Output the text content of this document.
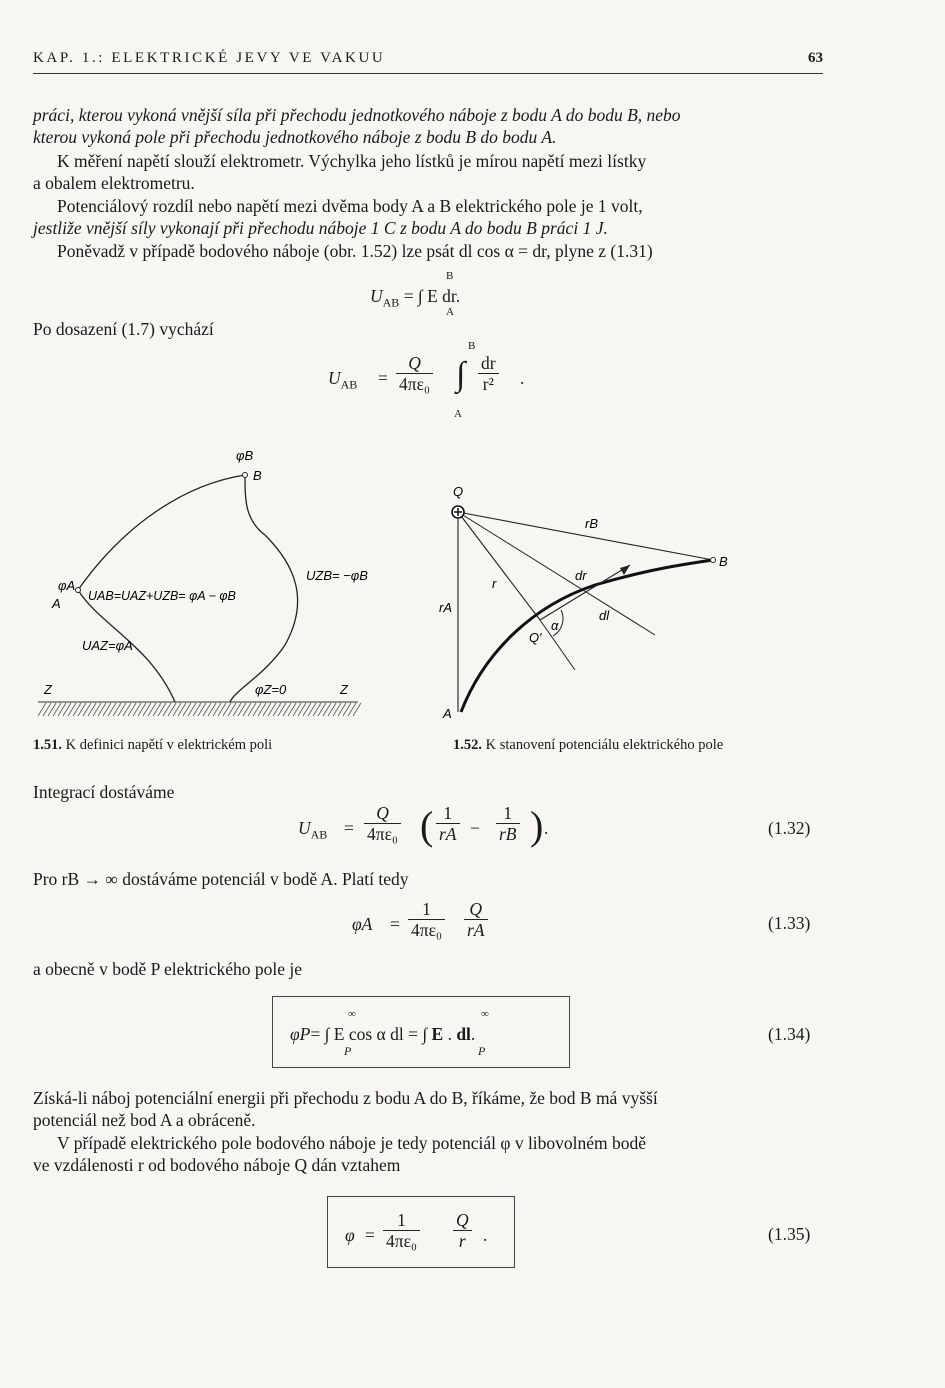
KAP. 1.: ELEKTRICKÉ JEVY VE VAKUU	63
práci, kterou vykoná vnější síla při přechodu jednotkového náboje z bodu A do bodu B, nebo
kterou vykoná pole při přechodu jednotkového náboje z bodu B do bodu A.
K měření napětí slouží elektrometr. Výchylka jeho lístků je mírou napětí mezi lístky
a obalem elektrometru.
Potenciálový rozdíl nebo napětí mezi dvěma body A a B elektrického pole je 1 volt,
jestliže vnější síly vykonají při přechodu náboje 1 C z bodu A do bodu B práci 1 J.
Poněvadž v případě bodového náboje (obr. 1.52) lze psát dl cos α = dr, plyne z (1.31)
B
$U_{AB}$ = ∫ E dr.
A
Po dosazení (1.7) vychází
B
$U_{AB} = \frac{Q}{\text{4πε₀}}$ ∫ $\frac{dr}{\text{r²}}$ .
A
φB
B
φA
A UAB=UAZ+UZB= φA − φB
UZB= −φB
UAZ=φA
Z	φZ=0	Z
1.51. K definici napětí v elektrickém poli
Q
rB
B
dr
r
rA
α
dl
Q′
A
1.52. K stanovení potenciálu elektrického pole
Integrací dostáváme
$U_{AB} = \frac{Q}{\text{4πε₀}}$ ( $\frac{1}{rA} - \frac{1}{rB}$ ) .	(1.32)
Pro rB → ∞ dostáváme potenciál v bodě A. Platí tedy
$\varphi A = \frac{1}{\text{4πε₀}} \frac{Q}{rA}$	(1.33)
a obecně v bodě P elektrického pole je
∞	∞
φP= ∫ E cos α dl = ∫ E . dl.
P	P
(1.34)
Získá-li náboj potenciální energii při přechodu z bodu A do B, říkáme, že bod B má vyšší
potenciál než bod A a obráceně.
V případě elektrického pole bodového náboje je tedy potenciál φ v libovolném bodě
ve vzdálenosti r od bodového náboje Q dán vztahem
$\varphi = \frac{1}{\text{4πε₀}} \frac{Q}{r}$ .	(1.35)
